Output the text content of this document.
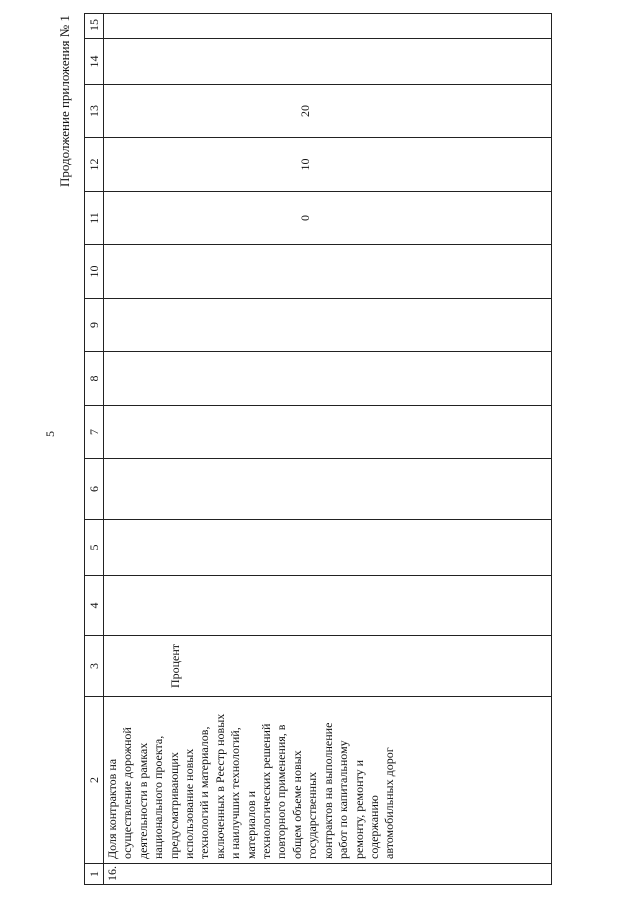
5
Продолжение приложения № 1
1 16.
2 Доля контрактов на осуществление дорожной деятельности в рамках национального проекта, предусматривающих использование новых технологий и материалов, включенных в Реестр новых и наилучших технологий, материалов и технологических решений повторного применения, в общем объеме новых государственных контрактов на выполнение работ по капитальному ремонту, ремонту и содержанию автомобильных дорог
3	Процент
4
5
6
7
8
9
10
11	0
12	10
13	20
14
15
